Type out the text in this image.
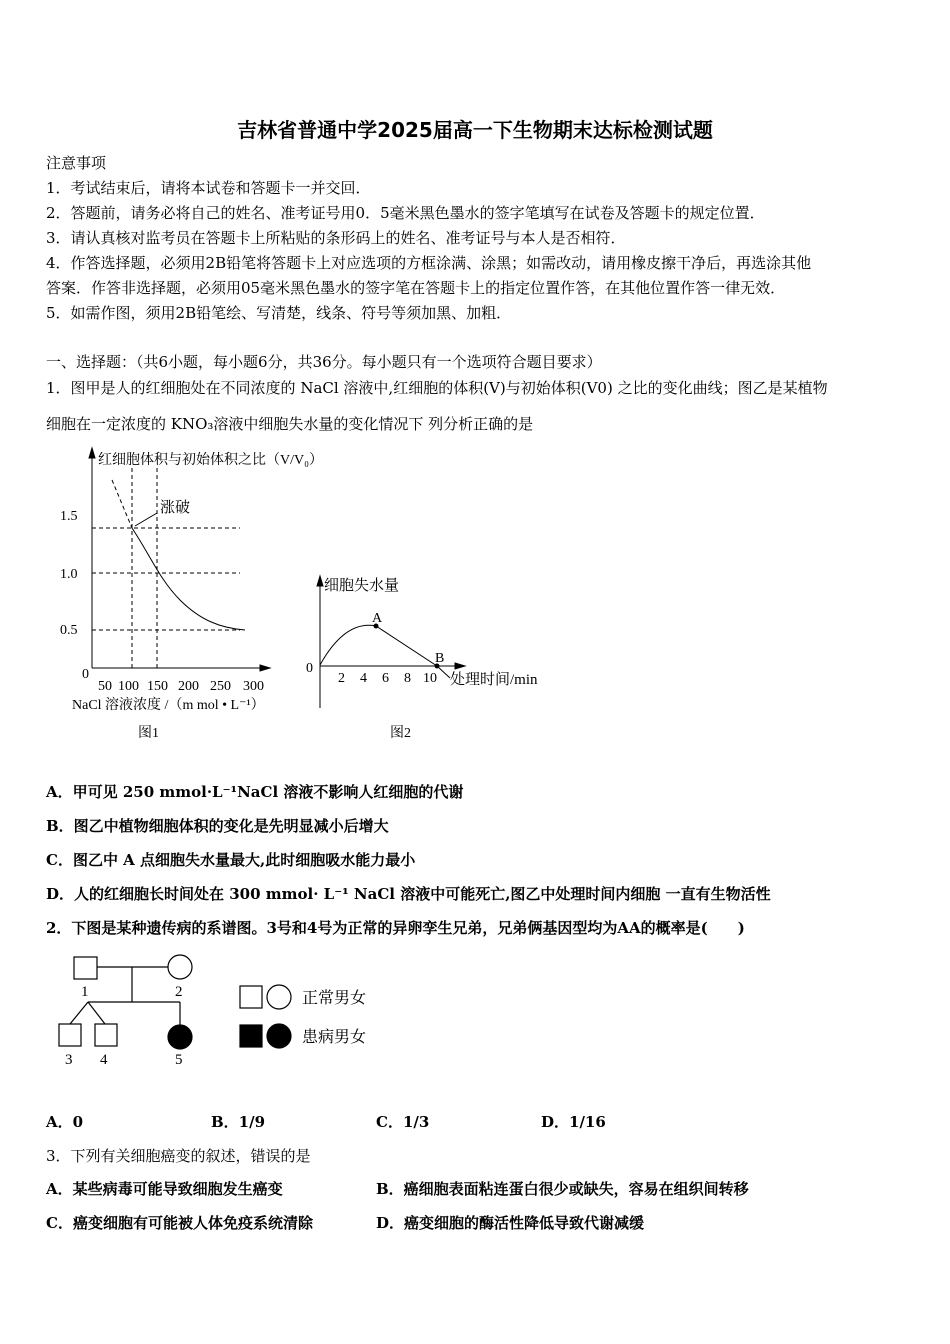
吉林省普通中学2025届高一下生物期末达标检测试题
注意事项
1．考试结束后，请将本试卷和答题卡一并交回．
2．答题前，请务必将自己的姓名、准考证号用0．5毫米黑色墨水的签字笔填写在试卷及答题卡的规定位置．
3．请认真核对监考员在答题卡上所粘贴的条形码上的姓名、准考证号与本人是否相符．
4．作答选择题，必须用2B铅笔将答题卡上对应选项的方框涂满、涂黑；如需改动，请用橡皮擦干净后，再选涂其他
答案．作答非选择题，必须用05毫米黑色墨水的签字笔在答题卡上的指定位置作答，在其他位置作答一律无效．
5．如需作图，须用2B铅笔绘、写清楚，线条、符号等须加黑、加粗．
一、选择题：（共6小题，每小题6分，共36分。每小题只有一个选项符合题目要求）
1．图甲是人的红细胞处在不同浓度的 NaCl 溶液中,红细胞的体积(V)与初始体积(V0) 之比的变化曲线；图乙是某植物
细胞在一定浓度的 KNO₃溶液中细胞失水量的变化情况下 列分析正确的是
红细胞体积与初始体积之比（V/V₀）
1.5
1.0
0.5
涨破
0
50 100 150 200 250 300
NaCl 溶液浓度 /（m mol • L⁻¹）
图1
细胞失水量
0
2 4 6 8 10
A
B
处理时间/min
图2
A．甲可见 250 mmol·L⁻¹NaCl 溶液不影响人红细胞的代谢
B．图乙中植物细胞体积的变化是先明显减小后增大
C．图乙中 A 点细胞失水量最大,此时细胞吸水能力最小
D．人的红细胞长时间处在 300 mmol· L⁻¹ NaCl 溶液中可能死亡,图乙中处理时间内细胞 一直有生物活性
2．下图是某种遗传病的系谱图。3号和4号为正常的异卵孪生兄弟，兄弟俩基因型均为AA的概率是(　　)
1	2
3 4	5
正常男女
患病男女
A．0	B．1/9	C．1/3	D．1/16
3．下列有关细胞癌变的叙述，错误的是
A．某些病毒可能导致细胞发生癌变	B．癌细胞表面粘连蛋白很少或缺失，容易在组织间转移
C．癌变细胞有可能被人体免疫系统清除	D．癌变细胞的酶活性降低导致代谢减缓
